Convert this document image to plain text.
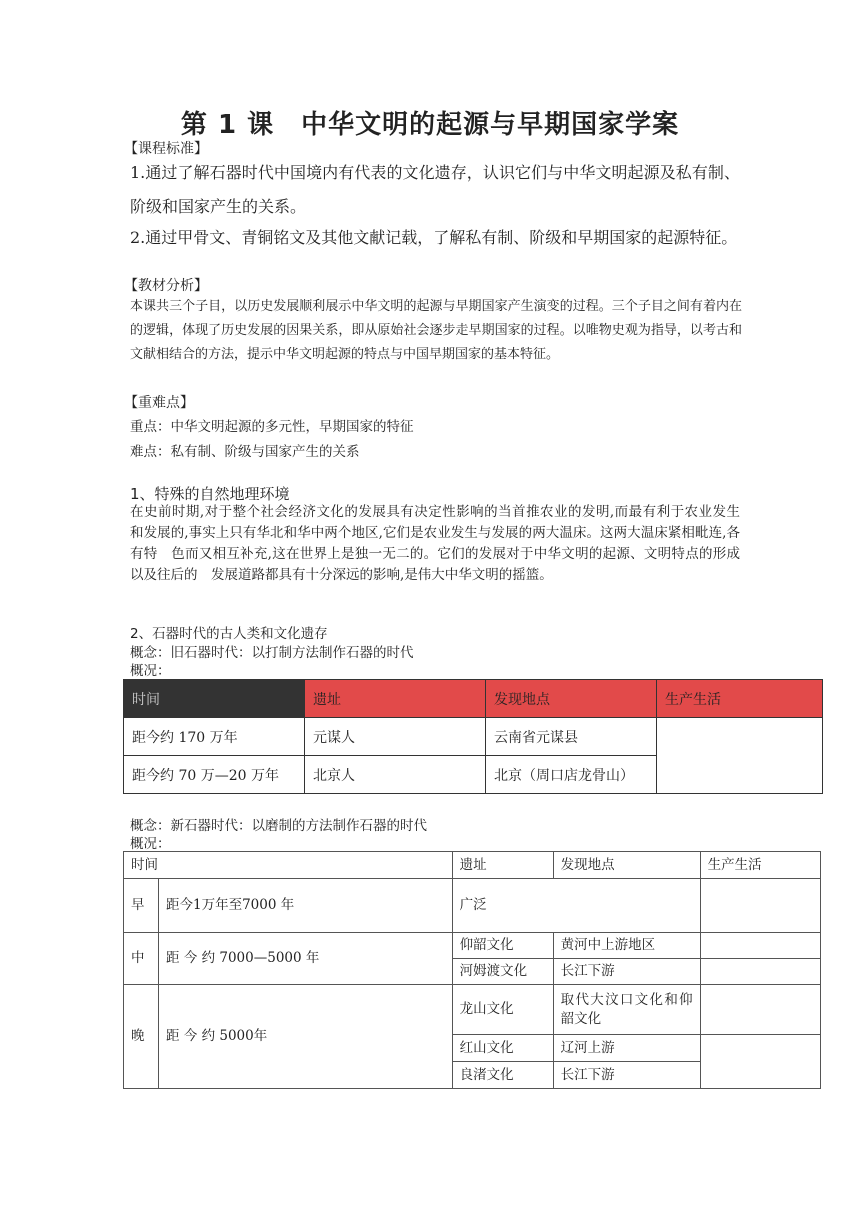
第 1 课　中华文明的起源与早期国家学案
【课程标准】
1.通过了解石器时代中国境内有代表的文化遗存，认识它们与中华文明起源及私有制、阶级和国家产生的关系。
2.通过甲骨文、青铜铭文及其他文献记载，了解私有制、阶级和早期国家的起源特征。
【教材分析】
本课共三个子目，以历史发展顺利展示中华文明的起源与早期国家产生演变的过程。三个子目之间有着内在的逻辑，体现了历史发展的因果关系，即从原始社会逐步走早期国家的过程。以唯物史观为指导，以考古和文献相结合的方法，提示中华文明起源的特点与中国早期国家的基本特征。
【重难点】
重点：中华文明起源的多元性，早期国家的特征
难点：私有制、阶级与国家产生的关系
1、特殊的自然地理环境
在史前时期,对于整个社会经济文化的发展具有决定性影响的当首推农业的发明,而最有利于农业发生　和发展的,事实上只有华北和华中两个地区,它们是农业发生与发展的两大温床。这两大温床紧相毗连,各有特　色而又相互补充,这在世界上是独一无二的。它们的发展对于中华文明的起源、文明特点的形成以及往后的　发展道路都具有十分深远的影响,是伟大中华文明的摇篮。
2、石器时代的古人类和文化遗存
概念：旧石器时代：以打制方法制作石器的时代
概况：
时间	遗址	发现地点	生产生活
距今约 170 万年	元谋人	云南省元谋县	
距今约 70 万—20 万年	北京人	北京（周口店龙骨山）	
概念：新石器时代：以磨制的方法制作石器的时代
概况：
时间		遗址	发现地点	生产生活
早	距今1万年至7000 年	广泛		
中	距 今 约 7000—5000 年	仰韶文化	黄河中上游地区	
		河姆渡文化	长江下游	
晚	距 今 约 5000年	龙山文化	取代大汶口文化和仰韶文化	
		红山文化	辽河上游	
		良渚文化	长江下游	
